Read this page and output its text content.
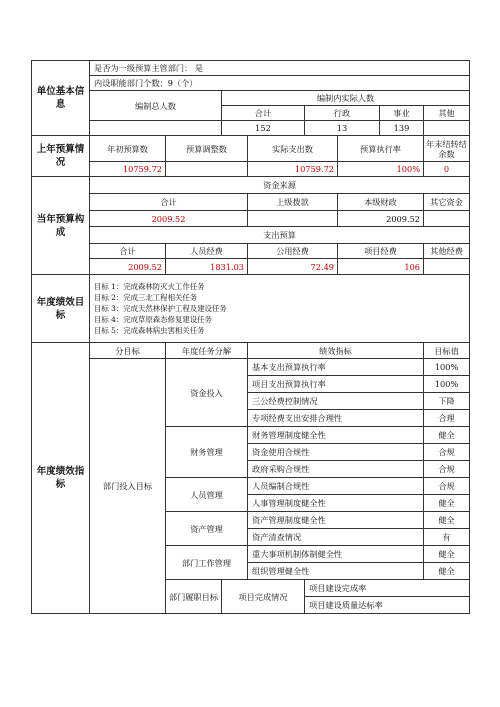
单位基本信息	是否为一级预算主管部门： 是								
	内设职能部门个数：9（个）								
	编制总人数		编制内实际人数						
			合计		行政		事业	其他	
			152		13		139		
上年预算情况	年初预算数	预算调整数		实际支出数		预算执行率		年末结转结余数	
	10759.72			10759.72		100%		0	
当年预算构成	资金来源								
	合计			上级拨款		本级财政		其它资金	
	2009.52					2009.52			
	支出预算								
	合计	人员经费		公用经费		项目经费		其他经费	
	2009.52	1831.03		72.49		106			
年度绩效目标	目标 1：完成森林防灭火工作任务
目标 2：完成三北工程相关任务
目标 3：完成天然林保护工程及建设任务
目标 4：完成草原森态修复建设任务
目标 5：完成森林病虫害相关任务								

年度绩效指标	分目标	年度任务分解		绩效指标				目标值	
	部门投入目标	资金投入		基本支出预算执行率				100%	
				项目支出预算执行率				100%	
				三公经费控制情况				下降	
				专项经费支出安排合理性				合理	
		财务管理		财务管理制度健全性				健全	
				资金使用合规性				合规	
				政府采购合规性				合规	
		人员管理		人员编制合规性				合规	
				人事管理制度健全性				健全	
		资产管理		资产管理制度健全性				健全	
				资产清查情况				有	
		部门工作管理		重大事项机制体制健全性				健全	
				组织管理健全性				健全	
		部门履职目标	项目完成情况		项目建设完成率	
					项目建设质量达标率	
